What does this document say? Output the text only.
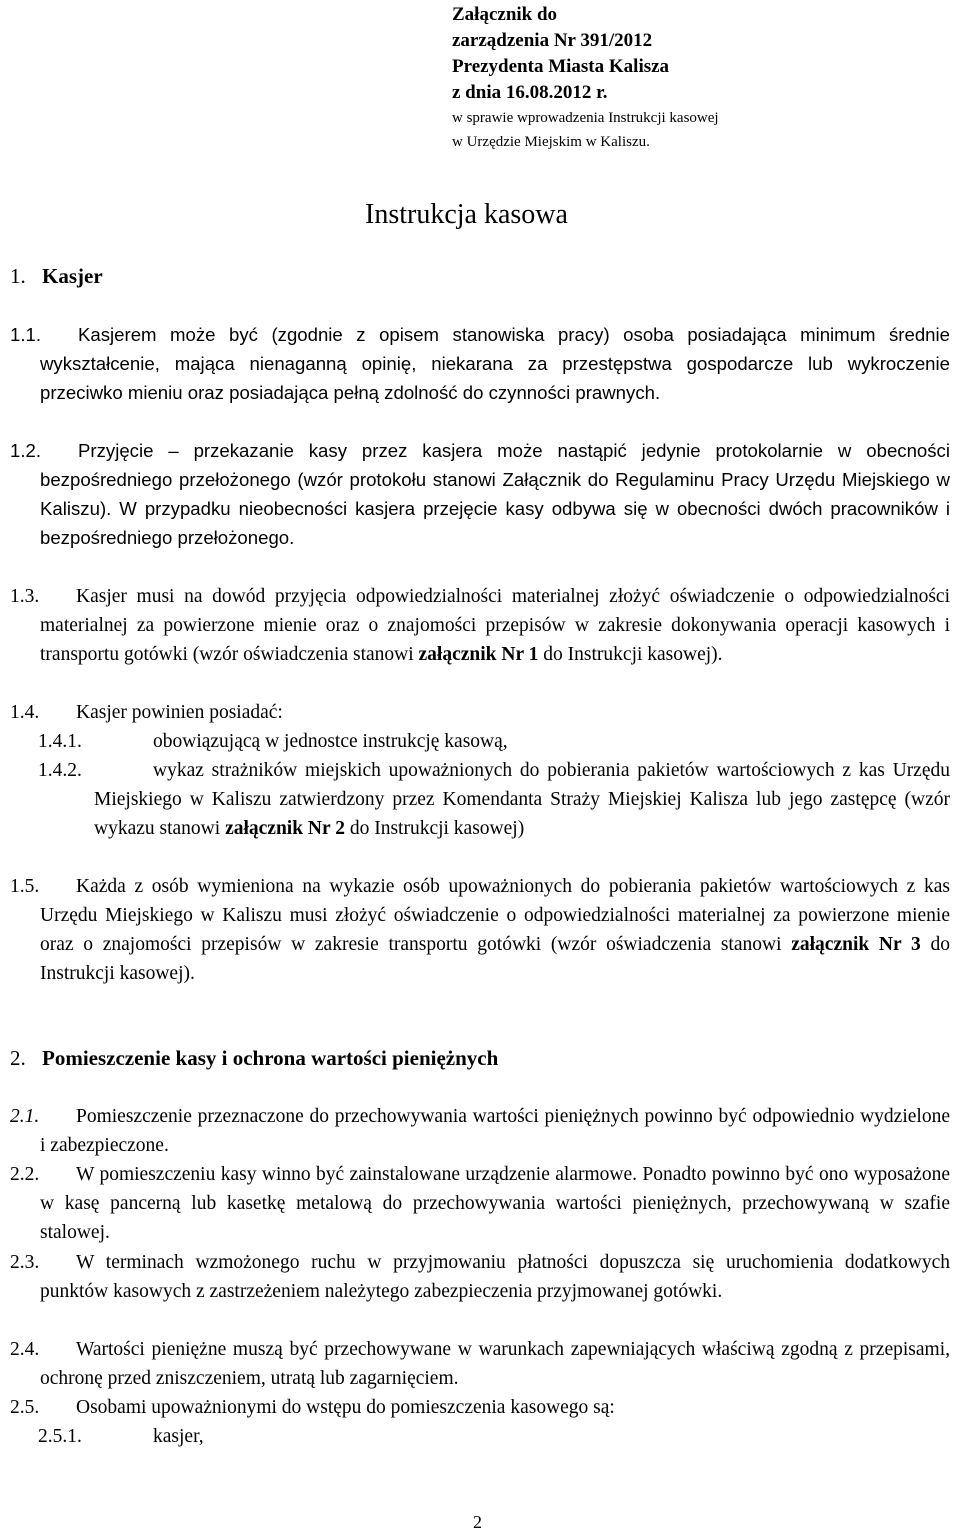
Załącznik do
zarządzenia Nr 391/2012
Prezydenta Miasta Kalisza
z dnia 16.08.2012 r.
w sprawie wprowadzenia Instrukcji kasowej
w Urzędzie Miejskim w Kaliszu.
Instrukcja kasowa
1. Kasjer
1.1. Kasjerem może być (zgodnie z opisem stanowiska pracy) osoba posiadająca minimum średnie wykształcenie, mająca nienaganną opinię, niekarana za przestępstwa gospodarcze lub wykroczenie przeciwko mieniu oraz posiadająca pełną zdolność do czynności prawnych.
1.2. Przyjęcie – przekazanie kasy przez kasjera może nastąpić jedynie protokolarnie w obecności bezpośredniego przełożonego (wzór protokołu stanowi Załącznik do Regulaminu Pracy Urzędu Miejskiego w Kaliszu). W przypadku nieobecności kasjera przejęcie kasy odbywa się w obecności dwóch pracowników i bezpośredniego przełożonego.
1.3. Kasjer musi na dowód przyjęcia odpowiedzialności materialnej złożyć oświadczenie o odpowiedzialności materialnej za powierzone mienie oraz o znajomości przepisów w zakresie dokonywania operacji kasowych i transportu gotówki (wzór oświadczenia stanowi załącznik Nr 1 do Instrukcji kasowej).
1.4. Kasjer powinien posiadać:
1.4.1.	obowiązującą w jednostce instrukcję kasową,
1.4.2.	wykaz strażników miejskich upoważnionych do pobierania pakietów wartościowych z kas Urzędu Miejskiego w Kaliszu zatwierdzony przez Komendanta Straży Miejskiej Kalisza lub jego zastępcę (wzór wykazu stanowi załącznik Nr 2 do Instrukcji kasowej)
1.5. Każda z osób wymieniona na wykazie osób upoważnionych do pobierania pakietów wartościowych z kas Urzędu Miejskiego w Kaliszu musi złożyć oświadczenie o odpowiedzialności materialnej za powierzone mienie oraz o znajomości przepisów w zakresie transportu gotówki (wzór oświadczenia stanowi załącznik Nr 3 do Instrukcji kasowej).
2. Pomieszczenie kasy i ochrona wartości pieniężnych
2.1. Pomieszczenie przeznaczone do przechowywania wartości pieniężnych powinno być odpowiednio wydzielone i zabezpieczone.
2.2. W pomieszczeniu kasy winno być zainstalowane urządzenie alarmowe. Ponadto powinno być ono wyposażone w kasę pancerną lub kasetkę metalową do przechowywania wartości pieniężnych, przechowywaną w szafie stalowej.
2.3. W terminach wzmożonego ruchu w przyjmowaniu płatności dopuszcza się uruchomienia dodatkowych punktów kasowych z zastrzeżeniem należytego zabezpieczenia przyjmowanej gotówki.
2.4. Wartości pieniężne muszą być przechowywane w warunkach zapewniających właściwą zgodną z przepisami, ochronę przed zniszczeniem, utratą lub zagarnięciem.
2.5. Osobami upoważnionymi do wstępu do pomieszczenia kasowego są:
2.5.1.	kasjer,
2
